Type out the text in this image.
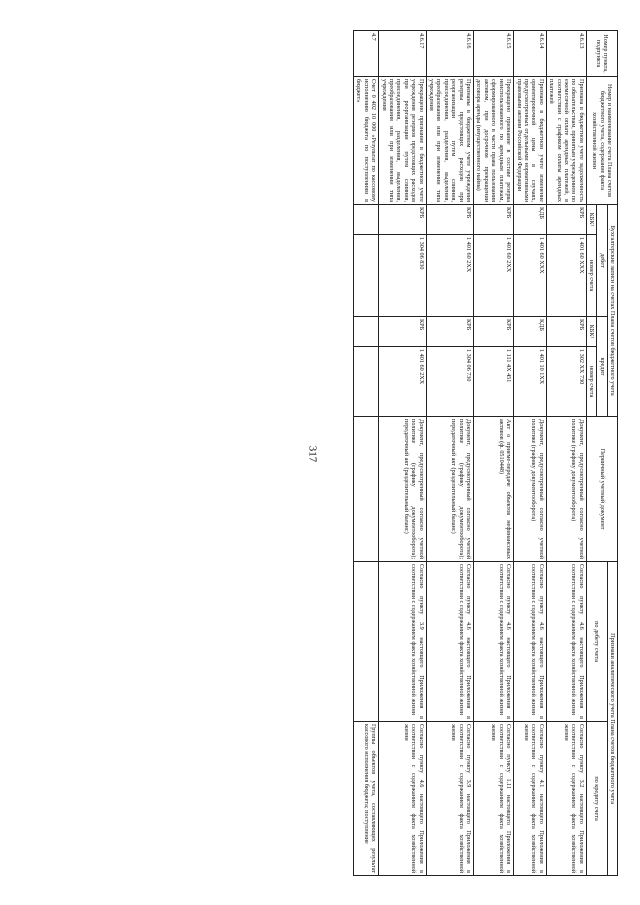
317
Номер пункта, подпункта	Номер и наименование счета Плана счетов бюджетного учета, содержание факта хозяйственной жизни	Бухгалтерские записи на счетах Плана счетов бюджетного учета				Первичный учетный документ	Признаки аналитического учета Плана счетов бюджетного учета	
		дебет		кредит			по дебету счета	по кредиту счета
		КБК¹	номер счета	КБК¹	номер счета			
4.6.13	Признана в бюджетном учете задолженность по обязательствам, принятым учреждением по ежемесячной оплате арендных платежей, в соответствии с графиком оплаты арендных платежей	КРБ	1 401 60 XXX	КРБ	1 302 XX 730	Документ, предусмотренный согласно учетной политике (графику документооборота)	Согласно пункту 4.6 настоящего Приложения в соответствии с содержанием факта хозяйственной жизни	Согласно пункту 3.2 настоящего Приложения в соответствии с содержанием факта хозяйственной жизни
4.6.14	Признано в бюджетном учете изменение ориентировочной цены в случаях, предусмотренных отдельными нормативными правовыми актами Российской Федерации	КДБ	1 401 60 XXX	КДБ	1 401 10 1XX	Документ, предусмотренный согласно учетной политике (графику документооборота)	Согласно пункту 4.6 настоящего Приложения в соответствии с содержанием факта хозяйственной жизни	Согласно пункту 4.1 настоящего Приложения в соответствии с содержанием факта хозяйственной жизни
4.6.15	Прекращено признание в составе резерва неиспользованного по арендным платежам, сформированного в части права пользования активом, при досрочном прекращении договора аренды (имущественного найма)	КРБ	1 401 60 2XX	КРБ	1 111 4X 451	Акт о приеме-передаче объектов нефинансовых активов (ф. 0510448)	Согласно пункту 4.6 настоящего Приложения в соответствии с содержанием факта хозяйственной жизни	Согласно пункту 1.11 настоящего Приложения в соответствии с содержанием факта хозяйственной жизни
4.6.16	Признаны в бюджетном учете учреждения резервы предстоящих расходов при реорганизации путем слияния, присоединения, разделения, выделения, преобразования или при изменении типа учреждения	КРБ	1 401 60 2XX	КРБ	1 304 06 730	Документ, предусмотренный согласно учетной политике (графику документооборота); передаточный акт (разделительный баланс)	Согласно пункту 4.6 настоящего Приложения в соответствии с содержанием факта хозяйственной жизни	Согласно пункту 3.9 настоящего Приложения в соответствии с содержанием факта хозяйственной жизни
4.6.17	Прекращено признание в бюджетном учете учреждения резервов предстоящих расходов при реорганизации путем слияния, присоединения, разделения, выделения, преобразования или при изменении типа учреждения	КРБ	1 304 06 830	КРБ	1 401 60 2XX	Документ, предусмотренный согласно учетной политике (графику документооборота); передаточный акт (разделительный баланс)	Согласно пункту 3.9 настоящего Приложения в соответствии с содержанием факта хозяйственной жизни	Согласно пункту 4.6 настоящего Приложения в соответствии с содержанием факта хозяйственной жизни
4.7	Счет 0 402 10 000 «Результат по кассовому исполнению бюджета по поступлениям в бюджет»							Группы объектов учета, составляющих результат кассового исполнения бюджета; поступление
